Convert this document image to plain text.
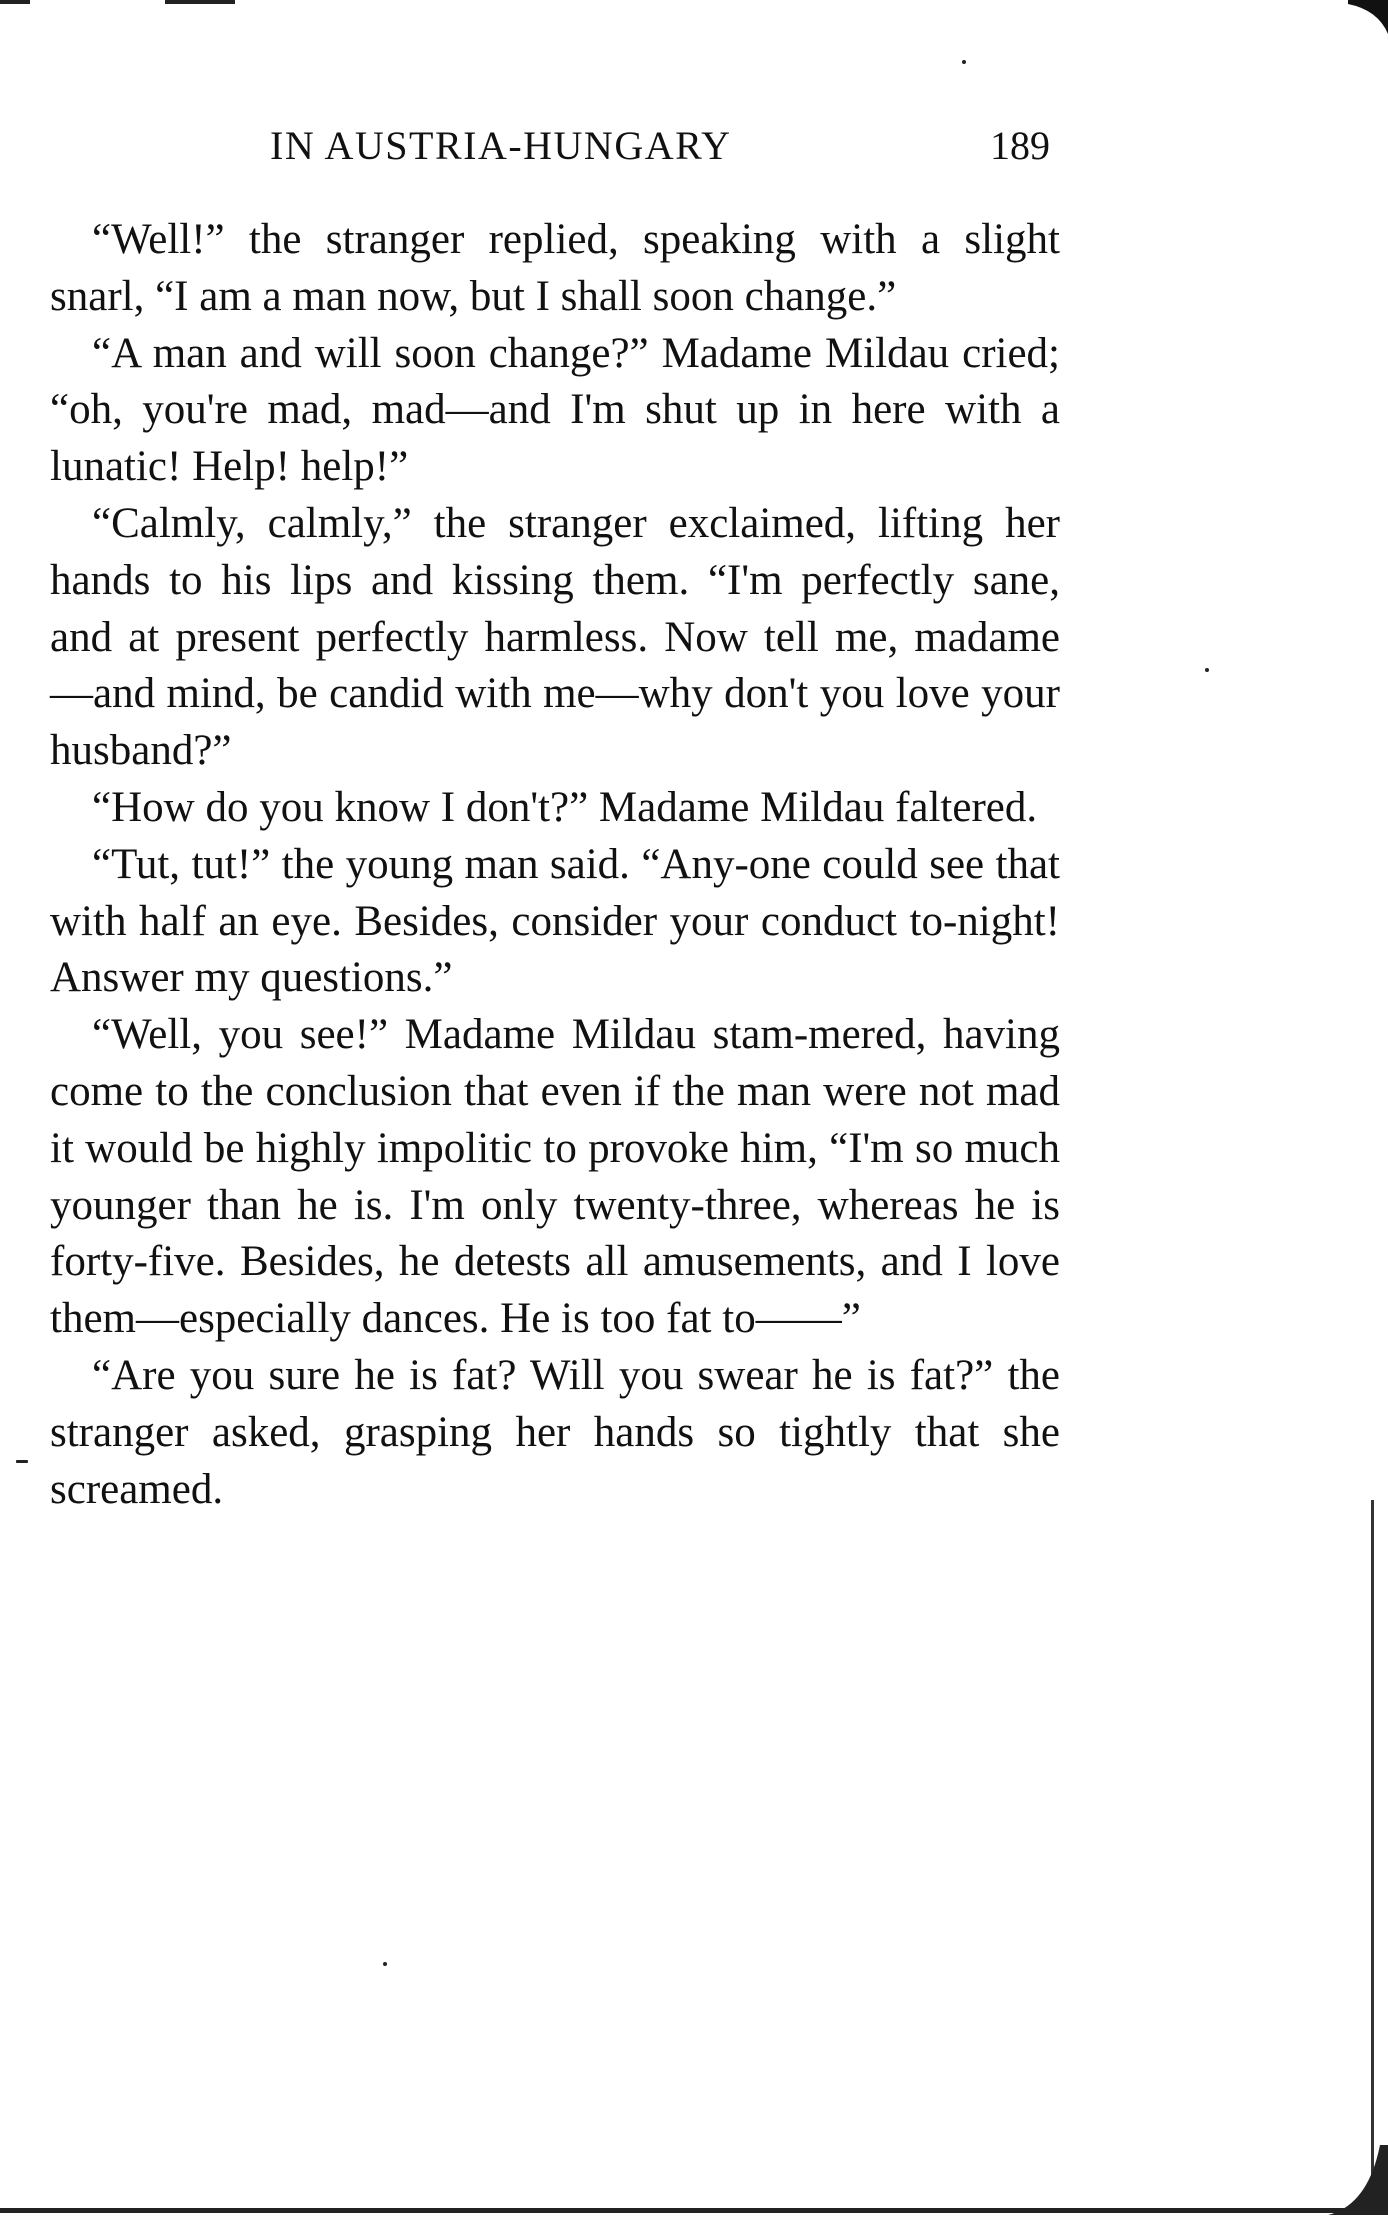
IN AUSTRIA-HUNGARY	189

“Well!” the stranger replied, speaking with a slight snarl, “I am a man now, but I shall soon change.”

“A man and will soon change?” Madame Mildau cried; “oh, you're mad, mad—and I'm shut up in here with a lunatic! Help! help!”

“Calmly, calmly,” the stranger exclaimed, lifting her hands to his lips and kissing them. “I'm perfectly sane, and at present perfectly harmless. Now tell me, madame—and mind, be candid with me—why don't you love your husband?”

“How do you know I don't?” Madame Mildau faltered.

“Tut, tut!” the young man said. “Any-one could see that with half an eye. Besides, consider your conduct to-night! Answer my questions.”

“Well, you see!” Madame Mildau stam-mered, having come to the conclusion that even if the man were not mad it would be highly impolitic to provoke him, “I'm so much younger than he is. I'm only twenty-three, whereas he is forty-five. Besides, he detests all amusements, and I love them—especially dances. He is too fat to——”

“Are you sure he is fat? Will you swear he is fat?” the stranger asked, grasping her hands so tightly that she screamed.
